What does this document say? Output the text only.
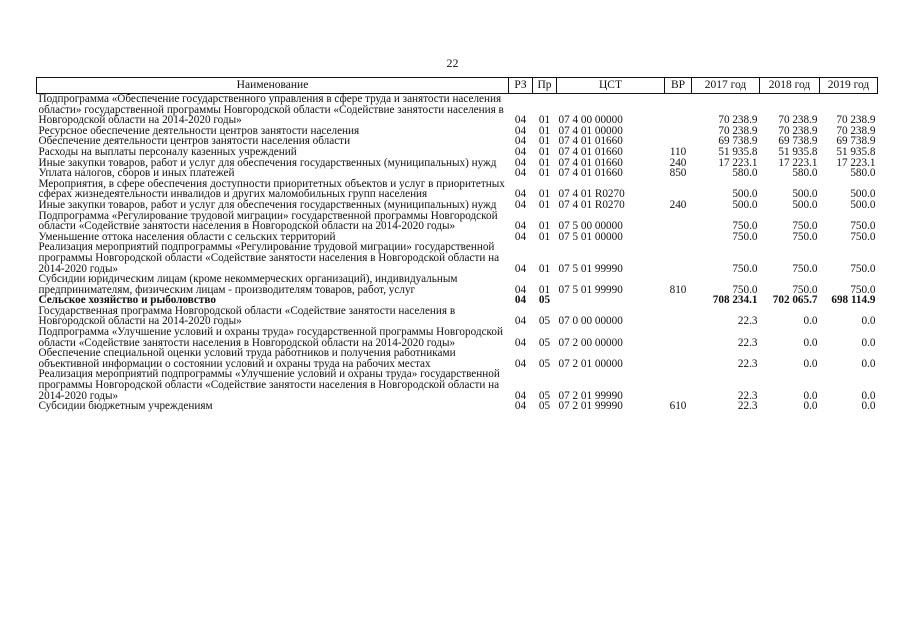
22
Наименование	РЗ	Пр	ЦСТ	ВР	2017 год	2018 год	2019 год
Подпрограмма «Обеспечение государственного управления в сфере труда и занятости населения области» государственной программы Новгородской области «Содействие занятости населения в Новгородской области на 2014-2020 годы»	04	01	07 4 00 00000		70 238.9	70 238.9	70 238.9
Ресурсное обеспечение деятельности центров занятости населения	04	01	07 4 01 00000		70 238.9	70 238.9	70 238.9
Обеспечение деятельности центров занятости населения области	04	01	07 4 01 01660		69 738.9	69 738.9	69 738.9
Расходы на выплаты персоналу казенных учреждений	04	01	07 4 01 01660	110	51 935.8	51 935.8	51 935.8
Иные закупки товаров, работ и услуг для обеспечения государственных (муниципальных) нужд	04	01	07 4 01 01660	240	17 223.1	17 223.1	17 223.1
Уплата налогов, сборов и иных платежей	04	01	07 4 01 01660	850	580.0	580.0	580.0
Мероприятия, в сфере обеспечения доступности приоритетных объектов и услуг в приоритетных сферах жизнедеятельности инвалидов и других маломобильных групп населения	04	01	07 4 01 R0270		500.0	500.0	500.0
Иные закупки товаров, работ и услуг для обеспечения государственных (муниципальных) нужд	04	01	07 4 01 R0270	240	500.0	500.0	500.0
Подпрограмма «Регулирование трудовой миграции» государственной программы Новгородской области «Содействие занятости населения в Новгородской области на 2014-2020 годы»	04	01	07 5 00 00000		750.0	750.0	750.0
Уменьшение оттока населения области с сельских территорий	04	01	07 5 01 00000		750.0	750.0	750.0
Реализация мероприятий подпрограммы «Регулирование трудовой миграции» государственной программы Новгородской области «Содействие занятости населения в Новгородской области на 2014-2020 годы»	04	01	07 5 01 99990		750.0	750.0	750.0
Субсидии юридическим лицам (кроме некоммерческих организаций), индивидуальным предпринимателям, физическим лицам - производителям товаров, работ, услуг	04	01	07 5 01 99990	810	750.0	750.0	750.0
Сельское хозяйство и рыболовство	04	05			708 234.1	702 065.7	698 114.9
Государственная программа Новгородской области «Содействие занятости населения в Новгородской области на 2014-2020 годы»	04	05	07 0 00 00000		22.3	0.0	0.0
Подпрограмма «Улучшение условий и охраны труда» государственной программы Новгородской области «Содействие занятости населения в Новгородской области на 2014-2020 годы»	04	05	07 2 00 00000		22.3	0.0	0.0
Обеспечение специальной оценки условий труда работников и получения работниками объективной информации о состоянии условий и охраны труда на рабочих местах	04	05	07 2 01 00000		22.3	0.0	0.0
Реализация мероприятий подпрограммы «Улучшение условий и охраны труда» государственной программы Новгородской области «Содействие занятости населения в Новгородской области на 2014-2020 годы»	04	05	07 2 01 99990		22.3	0.0	0.0
Субсидии бюджетным учреждениям	04	05	07 2 01 99990	610	22.3	0.0	0.0
